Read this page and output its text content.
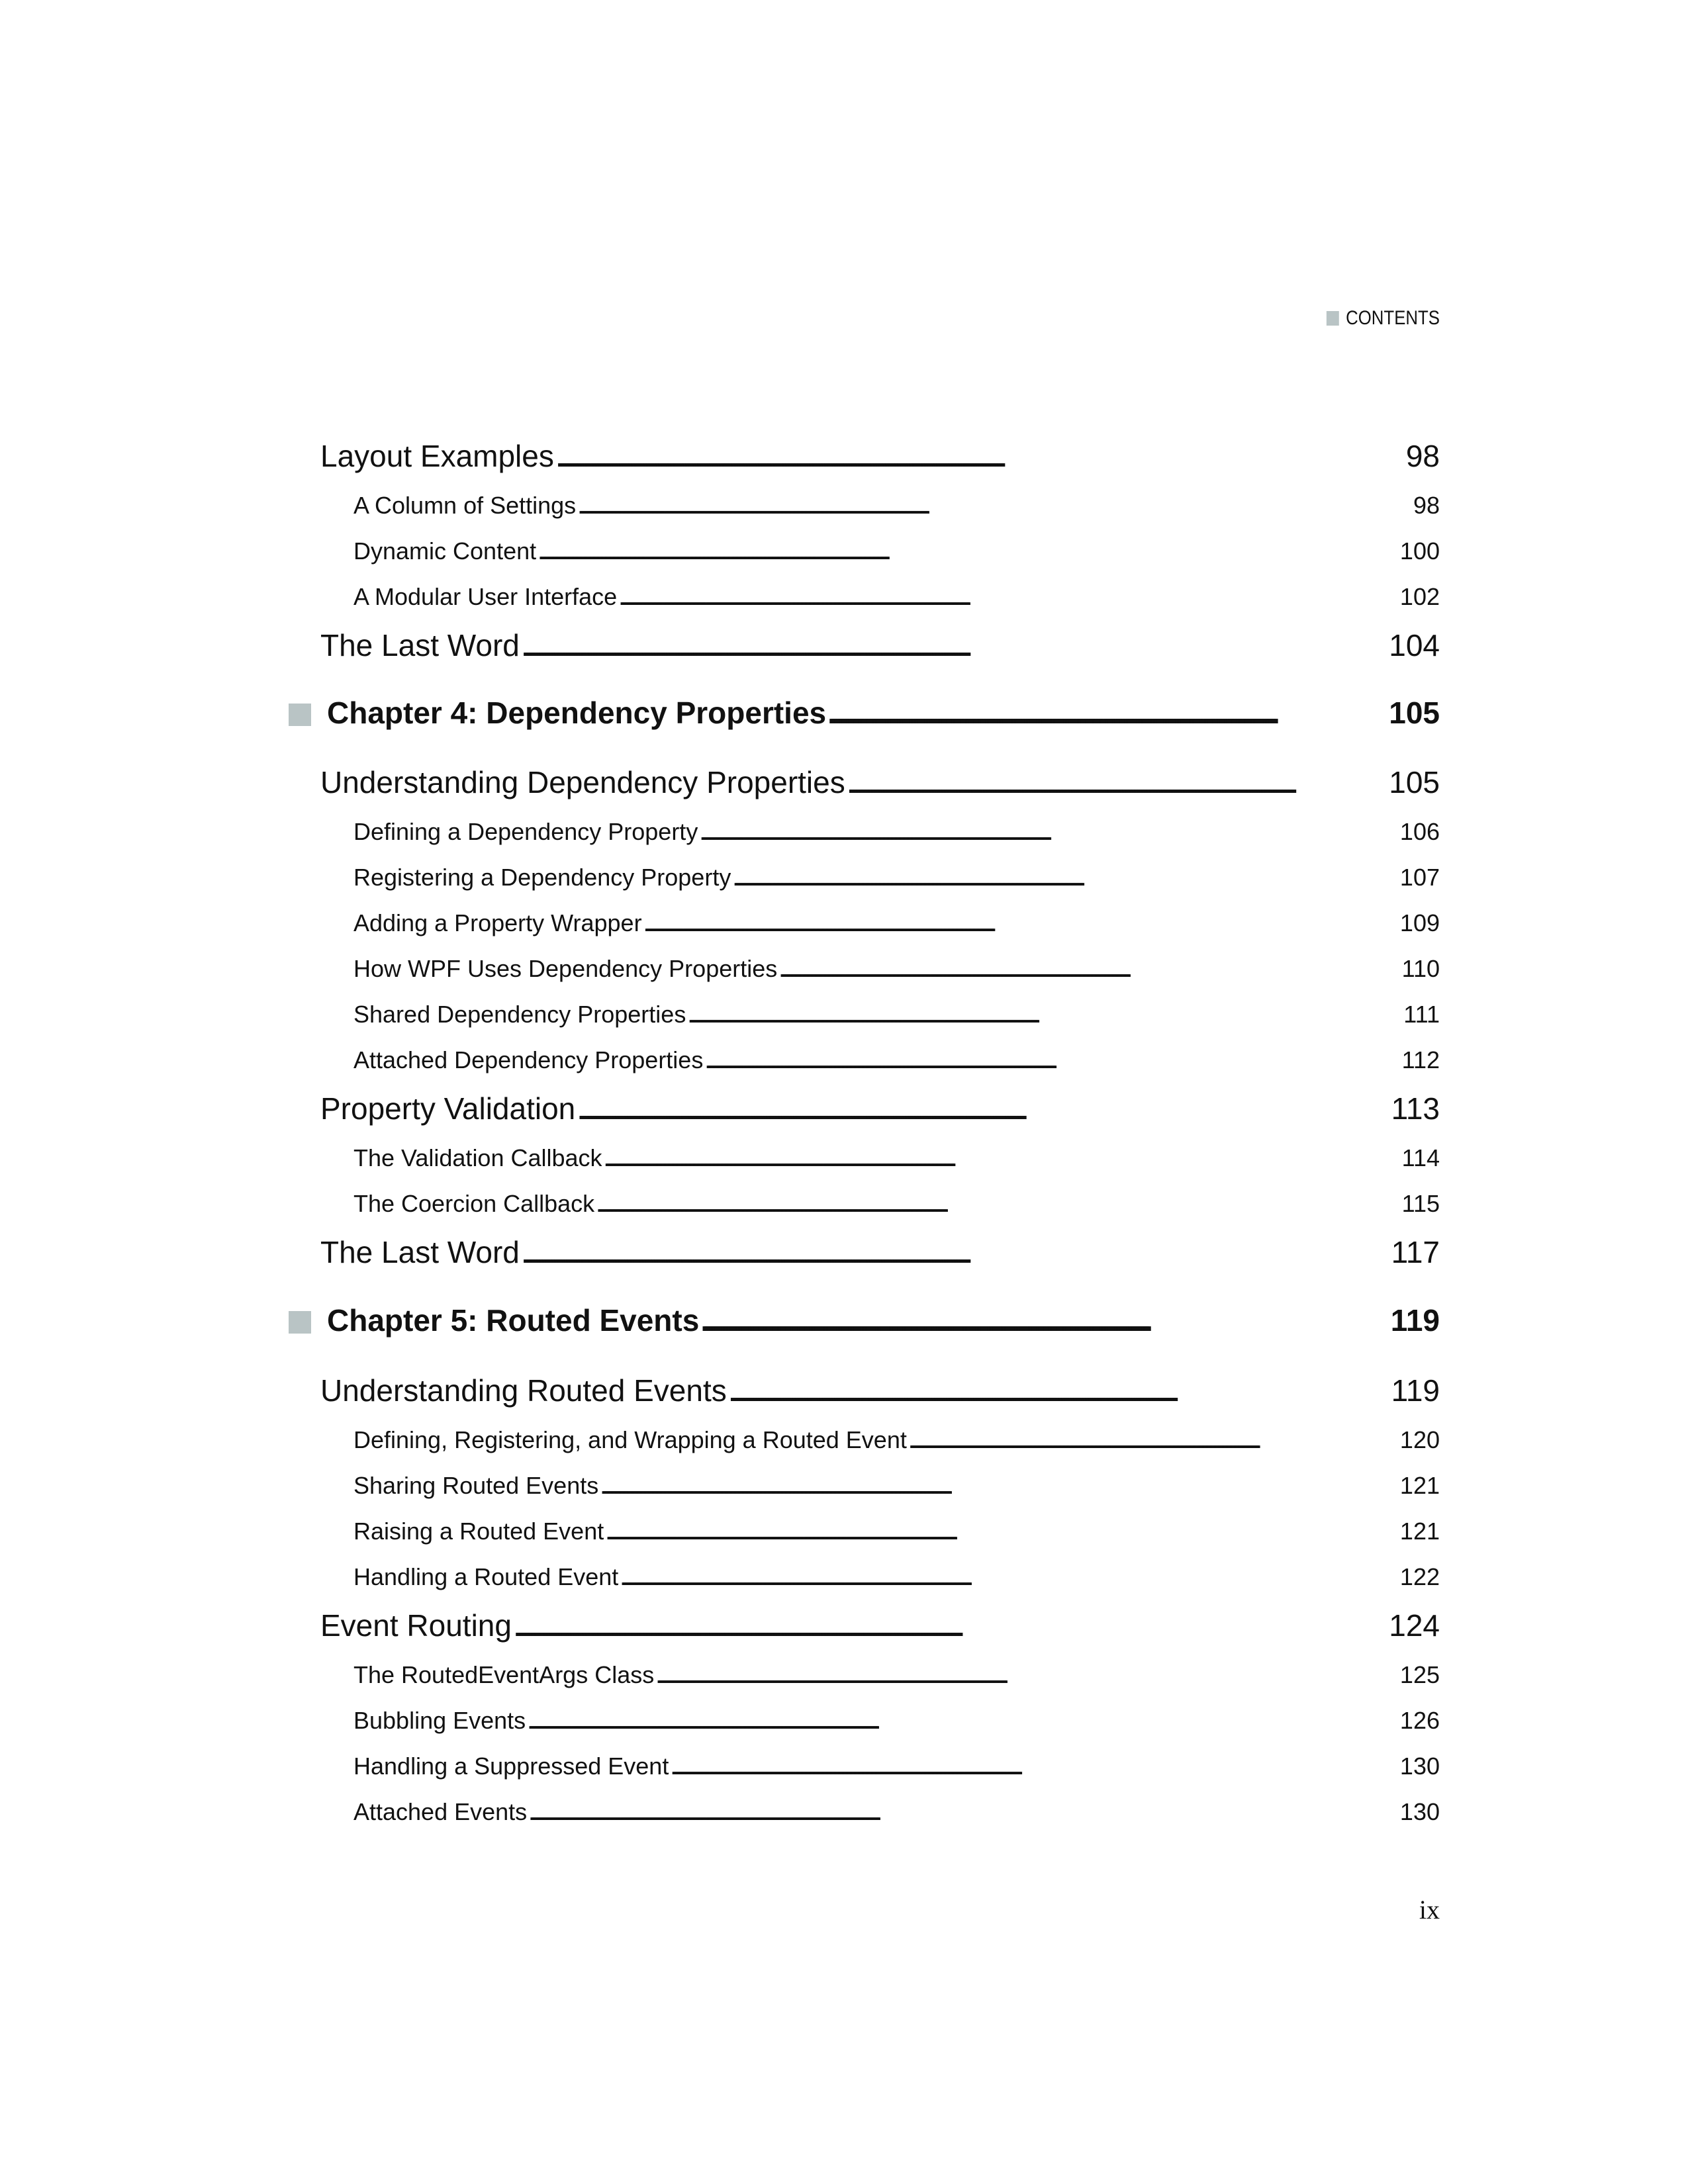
CONTENTS
Layout Examples . . .	98
A Column of Settings . . .	98
Dynamic Content . . .	100
A Modular User Interface . . .	102
The Last Word . . .	104
Chapter 4: Dependency Properties . . .	105
Understanding Dependency Properties . . .	105
Defining a Dependency Property . . .	106
Registering a Dependency Property . . .	107
Adding a Property Wrapper . . .	109
How WPF Uses Dependency Properties . . .	110
Shared Dependency Properties . . .	111
Attached Dependency Properties . . .	112
Property Validation . . .	113
The Validation Callback . . .	114
The Coercion Callback . . .	115
The Last Word . . .	117
Chapter 5: Routed Events . . .	119
Understanding Routed Events . . .	119
Defining, Registering, and Wrapping a Routed Event . . .	120
Sharing Routed Events . . .	121
Raising a Routed Event . . .	121
Handling a Routed Event . . .	122
Event Routing . . .	124
The RoutedEventArgs Class . . .	125
Bubbling Events . . .	126
Handling a Suppressed Event . . .	130
Attached Events . . .	130
ix
